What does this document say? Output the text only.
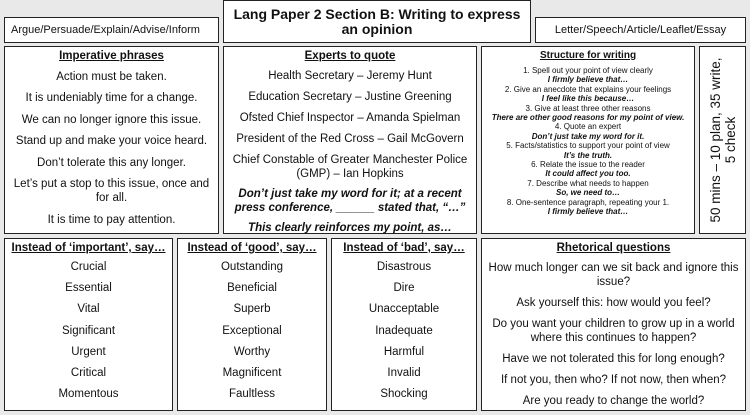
Argue/Persuade/Explain/Advise/Inform
Lang Paper 2 Section B: Writing to express an opinion	Letter/Speech/Article/Leaflet/Essay
Imperative phrases
Action must be taken.
It is undeniably time for a change.
We can no longer ignore this issue.
Stand up and make your voice heard.
Don’t tolerate this any longer.
Let’s put a stop to this issue, once and for all.
It is time to pay attention.
Experts to quote
Health Secretary – Jeremy Hunt
Education Secretary – Justine Greening
Ofsted Chief Inspector – Amanda Spielman
President of the Red Cross – Gail McGovern
Chief Constable of Greater Manchester Police (GMP) – Ian Hopkins
Don’t just take my word for it; at a recent press conference, ______ stated that, “…”
This clearly reinforces my point, as…
Structure for writing
1. Spell out your point of view clearly
I firmly believe that…
2. Give an anecdote that explains your feelings
I feel like this because…
3. Give at least three other reasons
There are other good reasons for my point of view.
4. Quote an expert
Don’t just take my word for it.
5. Facts/statistics to support your point of view
It’s the truth.
6. Relate the issue to the reader
It could affect you too.
7. Describe what needs to happen
So, we need to…
8. One-sentence paragraph, repeating your 1.
I firmly believe that…	50 mins – 10 plan, 35 write, 5 check
Instead of ‘important’, say…
Crucial
Essential
Vital
Significant
Urgent
Critical
Momentous
Instead of ‘good’, say…
Outstanding
Beneficial
Superb
Exceptional
Worthy
Magnificent
Faultless
Instead of ‘bad’, say…
Disastrous
Dire
Unacceptable
Inadequate
Harmful
Invalid
Shocking
Rhetorical questions
How much longer can we sit back and ignore this issue?
Ask yourself this: how would you feel?
Do you want your children to grow up in a world where this continues to happen?
Have we not tolerated this for long enough?
If not you, then who? If not now, then when?
Are you ready to change the world?
